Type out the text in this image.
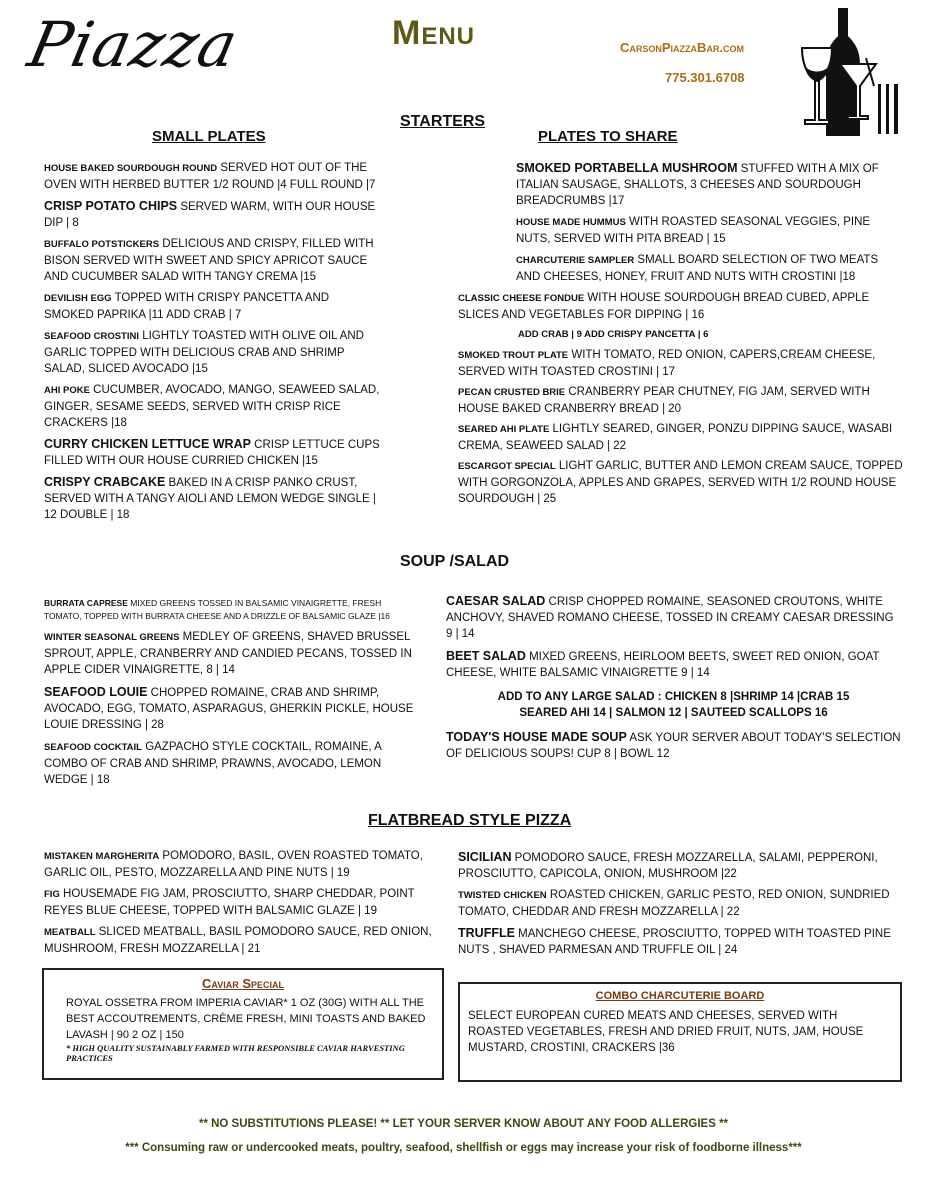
Piazza	Menu	CarsonPiazzaBar.com
775.301.6708
STARTERS
SMALL PLATES	PLATES TO SHARE
HOUSE BAKED SOURDOUGH ROUND SERVED HOT OUT OF THE OVEN WITH HERBED BUTTER 1/2 ROUND |4 FULL ROUND |7
CRISP POTATO CHIPS SERVED WARM, WITH OUR HOUSE DIP | 8
BUFFALO POTSTICKERS DELICIOUS AND CRISPY, FILLED WITH BISON SERVED WITH SWEET AND SPICY APRICOT SAUCE AND CUCUMBER SALAD WITH TANGY CREMA |15
DEVILISH EGG TOPPED WITH CRISPY PANCETTA AND SMOKED PAPRIKA |11 ADD CRAB | 7
SEAFOOD CROSTINI LIGHTLY TOASTED WITH OLIVE OIL AND GARLIC TOPPED WITH DELICIOUS CRAB AND SHRIMP SALAD, SLICED AVOCADO |15
AHI POKE CUCUMBER, AVOCADO, MANGO, SEAWEED SALAD, GINGER, SESAME SEEDS, SERVED WITH CRISP RICE CRACKERS |18
CURRY CHICKEN LETTUCE WRAP CRISP LETTUCE CUPS FILLED WITH OUR HOUSE CURRIED CHICKEN |15
CRISPY CRABCAKE BAKED IN A CRISP PANKO CRUST, SERVED WITH A TANGY AIOLI AND LEMON WEDGE SINGLE | 12 DOUBLE | 18
SMOKED PORTABELLA MUSHROOM STUFFED WITH A MIX OF ITALIAN SAUSAGE, SHALLOTS, 3 CHEESES AND SOURDOUGH BREADCRUMBS |17
HOUSE MADE HUMMUS WITH ROASTED SEASONAL VEGGIES, PINE NUTS, SERVED WITH PITA BREAD | 15
CHARCUTERIE SAMPLER SMALL BOARD SELECTION OF TWO MEATS AND CHEESES, HONEY, FRUIT AND NUTS WITH CROSTINI |18
CLASSIC CHEESE FONDUE WITH HOUSE SOURDOUGH BREAD CUBED, APPLE SLICES AND VEGETABLES FOR DIPPING | 16
ADD CRAB | 9 ADD CRISPY PANCETTA | 6
SMOKED TROUT PLATE WITH TOMATO, RED ONION, CAPERS,CREAM CHEESE, SERVED WITH TOASTED CROSTINI | 17
PECAN CRUSTED BRIE CRANBERRY PEAR CHUTNEY, FIG JAM, SERVED WITH HOUSE BAKED CRANBERRY BREAD | 20
SEARED AHI PLATE LIGHTLY SEARED, GINGER, PONZU DIPPING SAUCE, WASABI CREMA, SEAWEED SALAD | 22
ESCARGOT SPECIAL LIGHT GARLIC, BUTTER AND LEMON CREAM SAUCE, TOPPED WITH GORGONZOLA, APPLES AND GRAPES, SERVED WITH 1/2 ROUND HOUSE SOURDOUGH | 25
SOUP /SALAD
BURRATA CAPRESE MIXED GREENS TOSSED IN BALSAMIC VINAIGRETTE, FRESH TOMATO, TOPPED WITH BURRATA CHEESE AND A DRIZZLE OF BALSAMIC GLAZE |16
WINTER SEASONAL GREENS MEDLEY OF GREENS, SHAVED BRUSSEL SPROUT, APPLE, CRANBERRY AND CANDIED PECANS, TOSSED IN APPLE CIDER VINAIGRETTE, 8 | 14
SEAFOOD LOUIE CHOPPED ROMAINE, CRAB AND SHRIMP, AVOCADO, EGG, TOMATO, ASPARAGUS, GHERKIN PICKLE, HOUSE LOUIE DRESSING | 28
SEAFOOD COCKTAIL GAZPACHO STYLE COCKTAIL, ROMAINE, A COMBO OF CRAB AND SHRIMP, PRAWNS, AVOCADO, LEMON WEDGE | 18
CAESAR SALAD CRISP CHOPPED ROMAINE, SEASONED CROUTONS, WHITE ANCHOVY, SHAVED ROMANO CHEESE, TOSSED IN CREAMY CAESAR DRESSING 9 | 14
BEET SALAD MIXED GREENS, HEIRLOOM BEETS, SWEET RED ONION, GOAT CHEESE, WHITE BALSAMIC VINAIGRETTE 9 | 14
ADD TO ANY LARGE SALAD : CHICKEN 8 |SHRIMP 14 |CRAB 15
SEARED AHI 14 | SALMON 12 | SAUTEED SCALLOPS 16
TODAY'S HOUSE MADE SOUP ASK YOUR SERVER ABOUT TODAY'S SELECTION OF DELICIOUS SOUPS! CUP 8 | BOWL 12
FLATBREAD STYLE PIZZA
MISTAKEN MARGHERITA POMODORO, BASIL, OVEN ROASTED TOMATO, GARLIC OIL, PESTO, MOZZARELLA AND PINE NUTS | 19
FIG HOUSEMADE FIG JAM, PROSCIUTTO, SHARP CHEDDAR, POINT REYES BLUE CHEESE, TOPPED WITH BALSAMIC GLAZE | 19
MEATBALL SLICED MEATBALL, BASIL POMODORO SAUCE, RED ONION, MUSHROOM, FRESH MOZZARELLA | 21
SICILIAN POMODORO SAUCE, FRESH MOZZARELLA, SALAMI, PEPPERONI, PROSCIUTTO, CAPICOLA, ONION, MUSHROOM |22
TWISTED CHICKEN ROASTED CHICKEN, GARLIC PESTO, RED ONION, SUNDRIED TOMATO, CHEDDAR AND FRESH MOZZARELLA | 22
TRUFFLE MANCHEGO CHEESE, PROSCIUTTO, TOPPED WITH TOASTED PINE NUTS , SHAVED PARMESAN AND TRUFFLE OIL | 24
Caviar Special
ROYAL OSSETRA FROM IMPERIA CAVIAR* 1 OZ (30G) WITH ALL THE BEST ACCOUTREMENTS, CRÈME FRESH, MINI TOASTS AND BAKED LAVASH | 90 2 OZ | 150
* HIGH QUALITY SUSTAINABLY FARMED WITH RESPONSIBLE CAVIAR HARVESTING PRACTICES
COMBO CHARCUTERIE BOARD
SELECT EUROPEAN CURED MEATS AND CHEESES, SERVED WITH ROASTED VEGETABLES, FRESH AND DRIED FRUIT, NUTS, JAM, HOUSE MUSTARD, CROSTINI, CRACKERS |36
** NO SUBSTITUTIONS PLEASE! ** LET YOUR SERVER KNOW ABOUT ANY FOOD ALLERGIES **
*** Consuming raw or undercooked meats, poultry, seafood, shellfish or eggs may increase your risk of foodborne illness***
